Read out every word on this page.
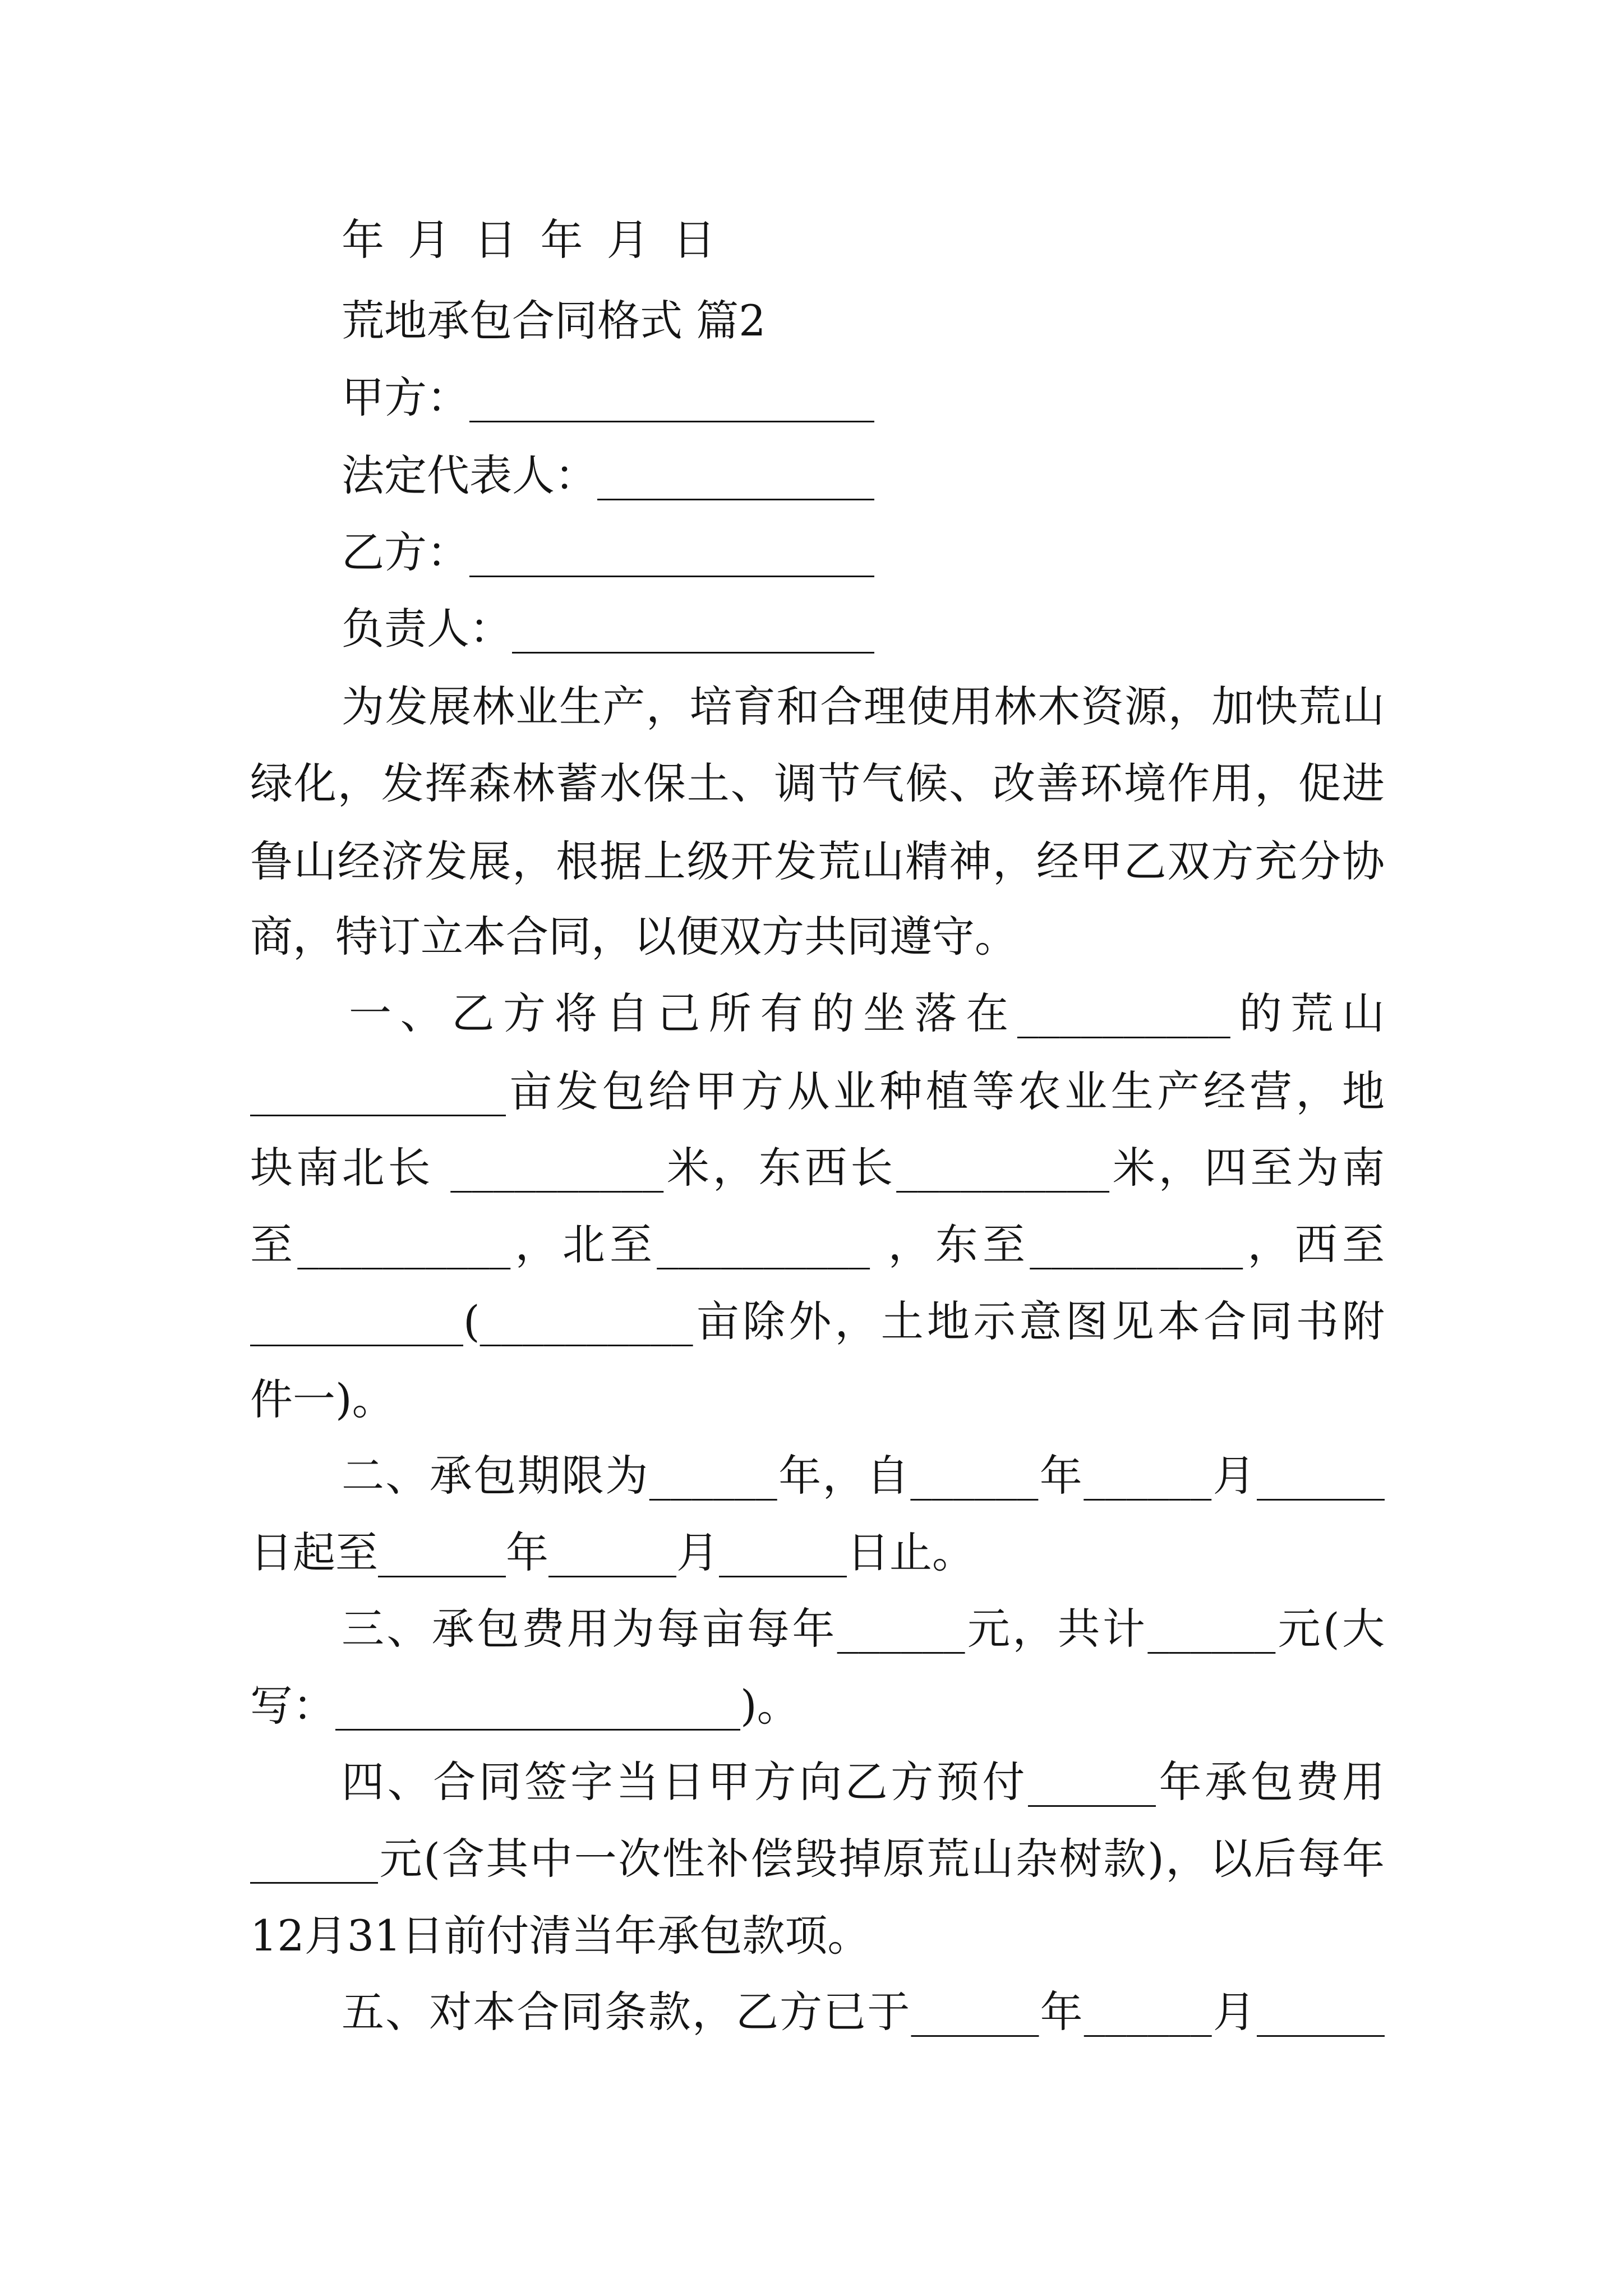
年 月 日 年 月 日
荒地承包合同格式 篇2
甲方：___________________
法定代表人：_____________
乙方：___________________
负责人：_________________
为发展林业生产，培育和合理使用林木资源，加快荒山
绿化，发挥森林蓄水保土、调节气候、改善环境作用，促进
鲁山经济发展，根据上级开发荒山精神，经甲乙双方充分协
商，特订立本合同，以便双方共同遵守。
一、乙方将自己所有的坐落在__________的荒山
____________亩发包给甲方从业种植等农业生产经营，地
块南北长 __________米，东西长__________米，四至为南
至__________，北至__________ ，东至__________，西至
__________(__________亩除外，土地示意图见本合同书附
件一)。
二、承包期限为______年，自______年______月______
日起至______年______月______日止。
三、承包费用为每亩每年______元，共计______元(大
写：___________________)。
四、合同签字当日甲方向乙方预付______年承包费用
______元(含其中一次性补偿毁掉原荒山杂树款)，以后每年
12月31日前付清当年承包款项。
五、对本合同条款，乙方已于______年______月______
